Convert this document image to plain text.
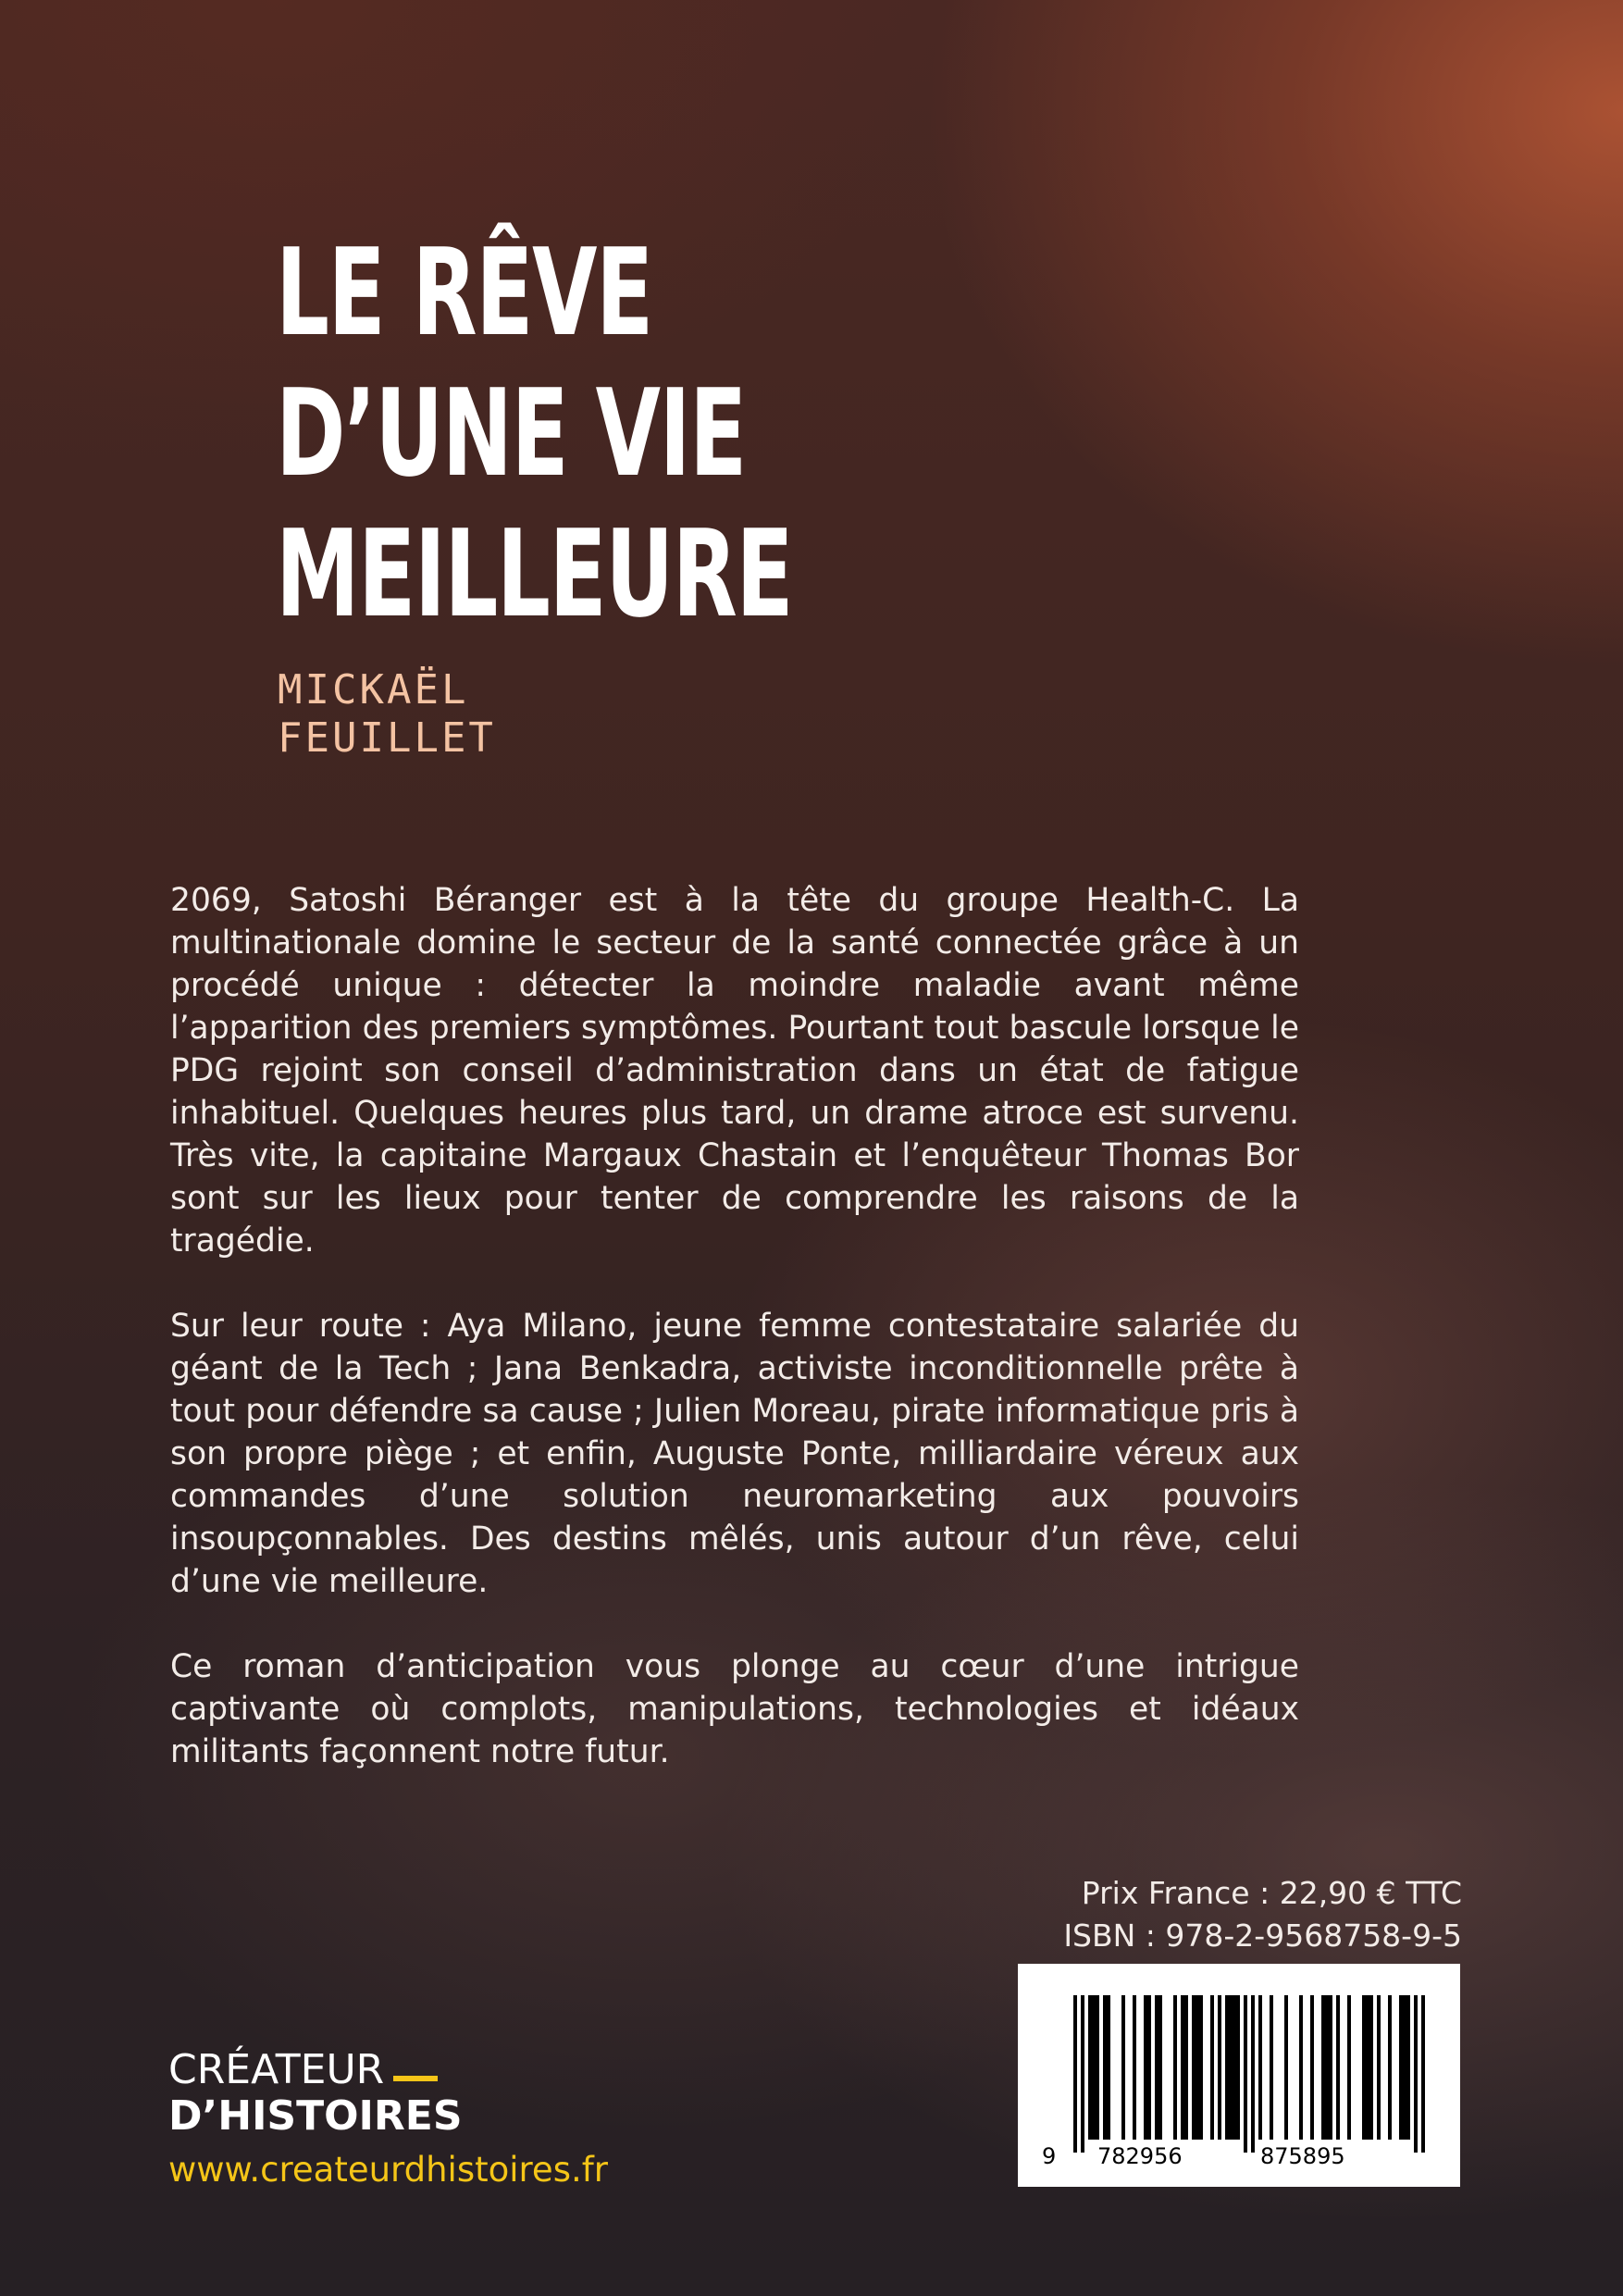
LE RÊVE
D’UNE VIE
MEILLEURE
MICKAËL
FEUILLET

2069, Satoshi Béranger est à la tête du groupe Health-C. La multinationale domine le secteur de la santé connectée grâce à un procédé unique : détecter la moindre maladie avant même l’apparition des premiers symptômes. Pourtant tout bascule lorsque le PDG rejoint son conseil d’administration dans un état de fatigue inhabituel. Quelques heures plus tard, un drame atroce est survenu. Très vite, la capitaine Margaux Chastain et l’enquêteur Thomas Bor sont sur les lieux pour tenter de comprendre les raisons de la tragédie.

Sur leur route : Aya Milano, jeune femme contestataire salariée du géant de la Tech ; Jana Benkadra, activiste inconditionnelle prête à tout pour défendre sa cause ; Julien Moreau, pirate informatique pris à son propre piège ; et enfin, Auguste Ponte, milliardaire véreux aux commandes d’une solution neuromarketing aux pouvoirs insoupçonnables. Des destins mêlés, unis autour d’un rêve, celui d’une vie meilleure.

Ce roman d’anticipation vous plonge au cœur d’une intrigue captivante où complots, manipulations, technologies et idéaux militants façonnent notre futur.

Prix France : 22,90 € TTC
ISBN : 978-2-9568758-9-5
9 782956	875895
CRÉATEUR
D’HISTOIRES
www.createurdhistoires.fr
